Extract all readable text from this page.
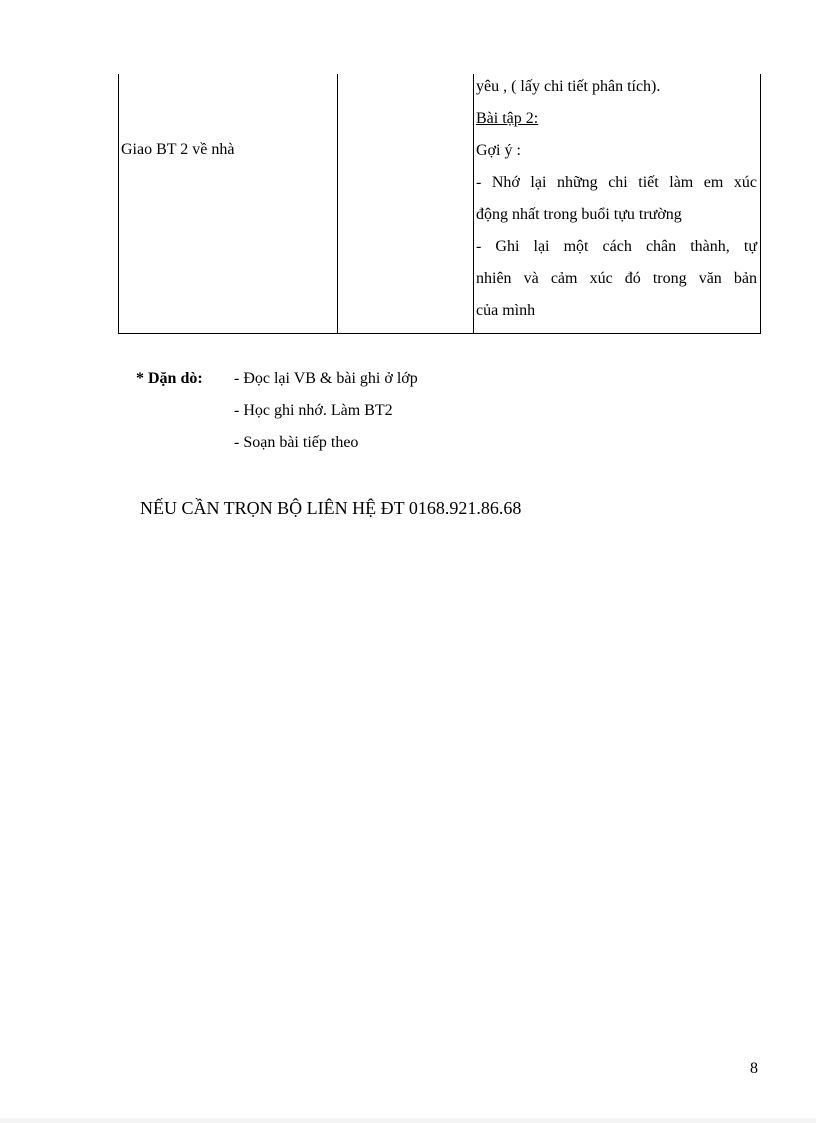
Giao BT 2 về nhà
yêu , ( lấy chi tiết phân tích).
Bài tập 2:
Gợi ý :
- Nhớ lại những chi tiết làm em xúc
động nhất trong buổi tựu trường
- Ghi lại một cách chân thành, tự
nhiên và cảm xúc đó trong văn bản
của mình
* Dặn dò:	- Đọc lại VB & bài ghi ở lớp
- Học ghi nhớ. Làm BT2
- Soạn bài tiếp theo
NẾU CẦN TRỌN BỘ LIÊN HỆ ĐT 0168.921.86.68
8
